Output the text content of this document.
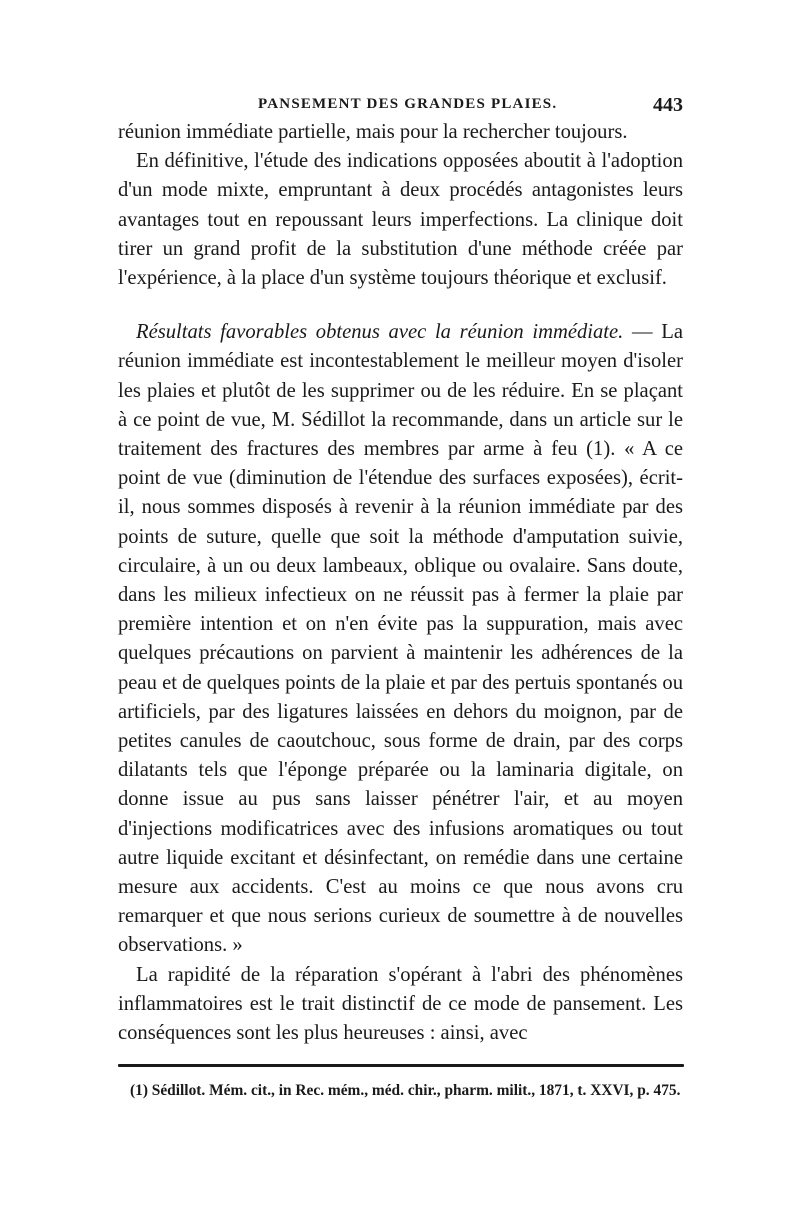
PANSEMENT DES GRANDES PLAIES.	443

réunion immédiate partielle, mais pour la rechercher toujours.

En définitive, l'étude des indications opposées aboutit à l'adoption d'un mode mixte, empruntant à deux procédés antagonistes leurs avantages tout en repoussant leurs imperfections. La clinique doit tirer un grand profit de la substitution d'une méthode créée par l'expérience, à la place d'un système toujours théorique et exclusif.

Résultats favorables obtenus avec la réunion immédiate. — La réunion immédiate est incontestablement le meilleur moyen d'isoler les plaies et plutôt de les supprimer ou de les réduire. En se plaçant à ce point de vue, M. Sédillot la recommande, dans un article sur le traitement des fractures des membres par arme à feu (1). « A ce point de vue (diminution de l'étendue des surfaces exposées), écrit-il, nous sommes disposés à revenir à la réunion immédiate par des points de suture, quelle que soit la méthode d'amputation suivie, circulaire, à un ou deux lambeaux, oblique ou ovalaire. Sans doute, dans les milieux infectieux on ne réussit pas à fermer la plaie par première intention et on n'en évite pas la suppuration, mais avec quelques précautions on parvient à maintenir les adhérences de la peau et de quelques points de la plaie et par des pertuis spontanés ou artificiels, par des ligatures laissées en dehors du moignon, par de petites canules de caoutchouc, sous forme de drain, par des corps dilatants tels que l'éponge préparée ou la laminaria digitale, on donne issue au pus sans laisser pénétrer l'air, et au moyen d'injections modificatrices avec des infusions aromatiques ou tout autre liquide excitant et désinfectant, on remédie dans une certaine mesure aux accidents. C'est au moins ce que nous avons cru remarquer et que nous serions curieux de soumettre à de nouvelles observations. »

La rapidité de la réparation s'opérant à l'abri des phénomènes inflammatoires est le trait distinctif de ce mode de pansement. Les conséquences sont les plus heureuses : ainsi, avec

(1) Sédillot. Mém. cit., in Rec. mém., méd. chir., pharm. milit., 1871, t. XXVI, p. 475.
